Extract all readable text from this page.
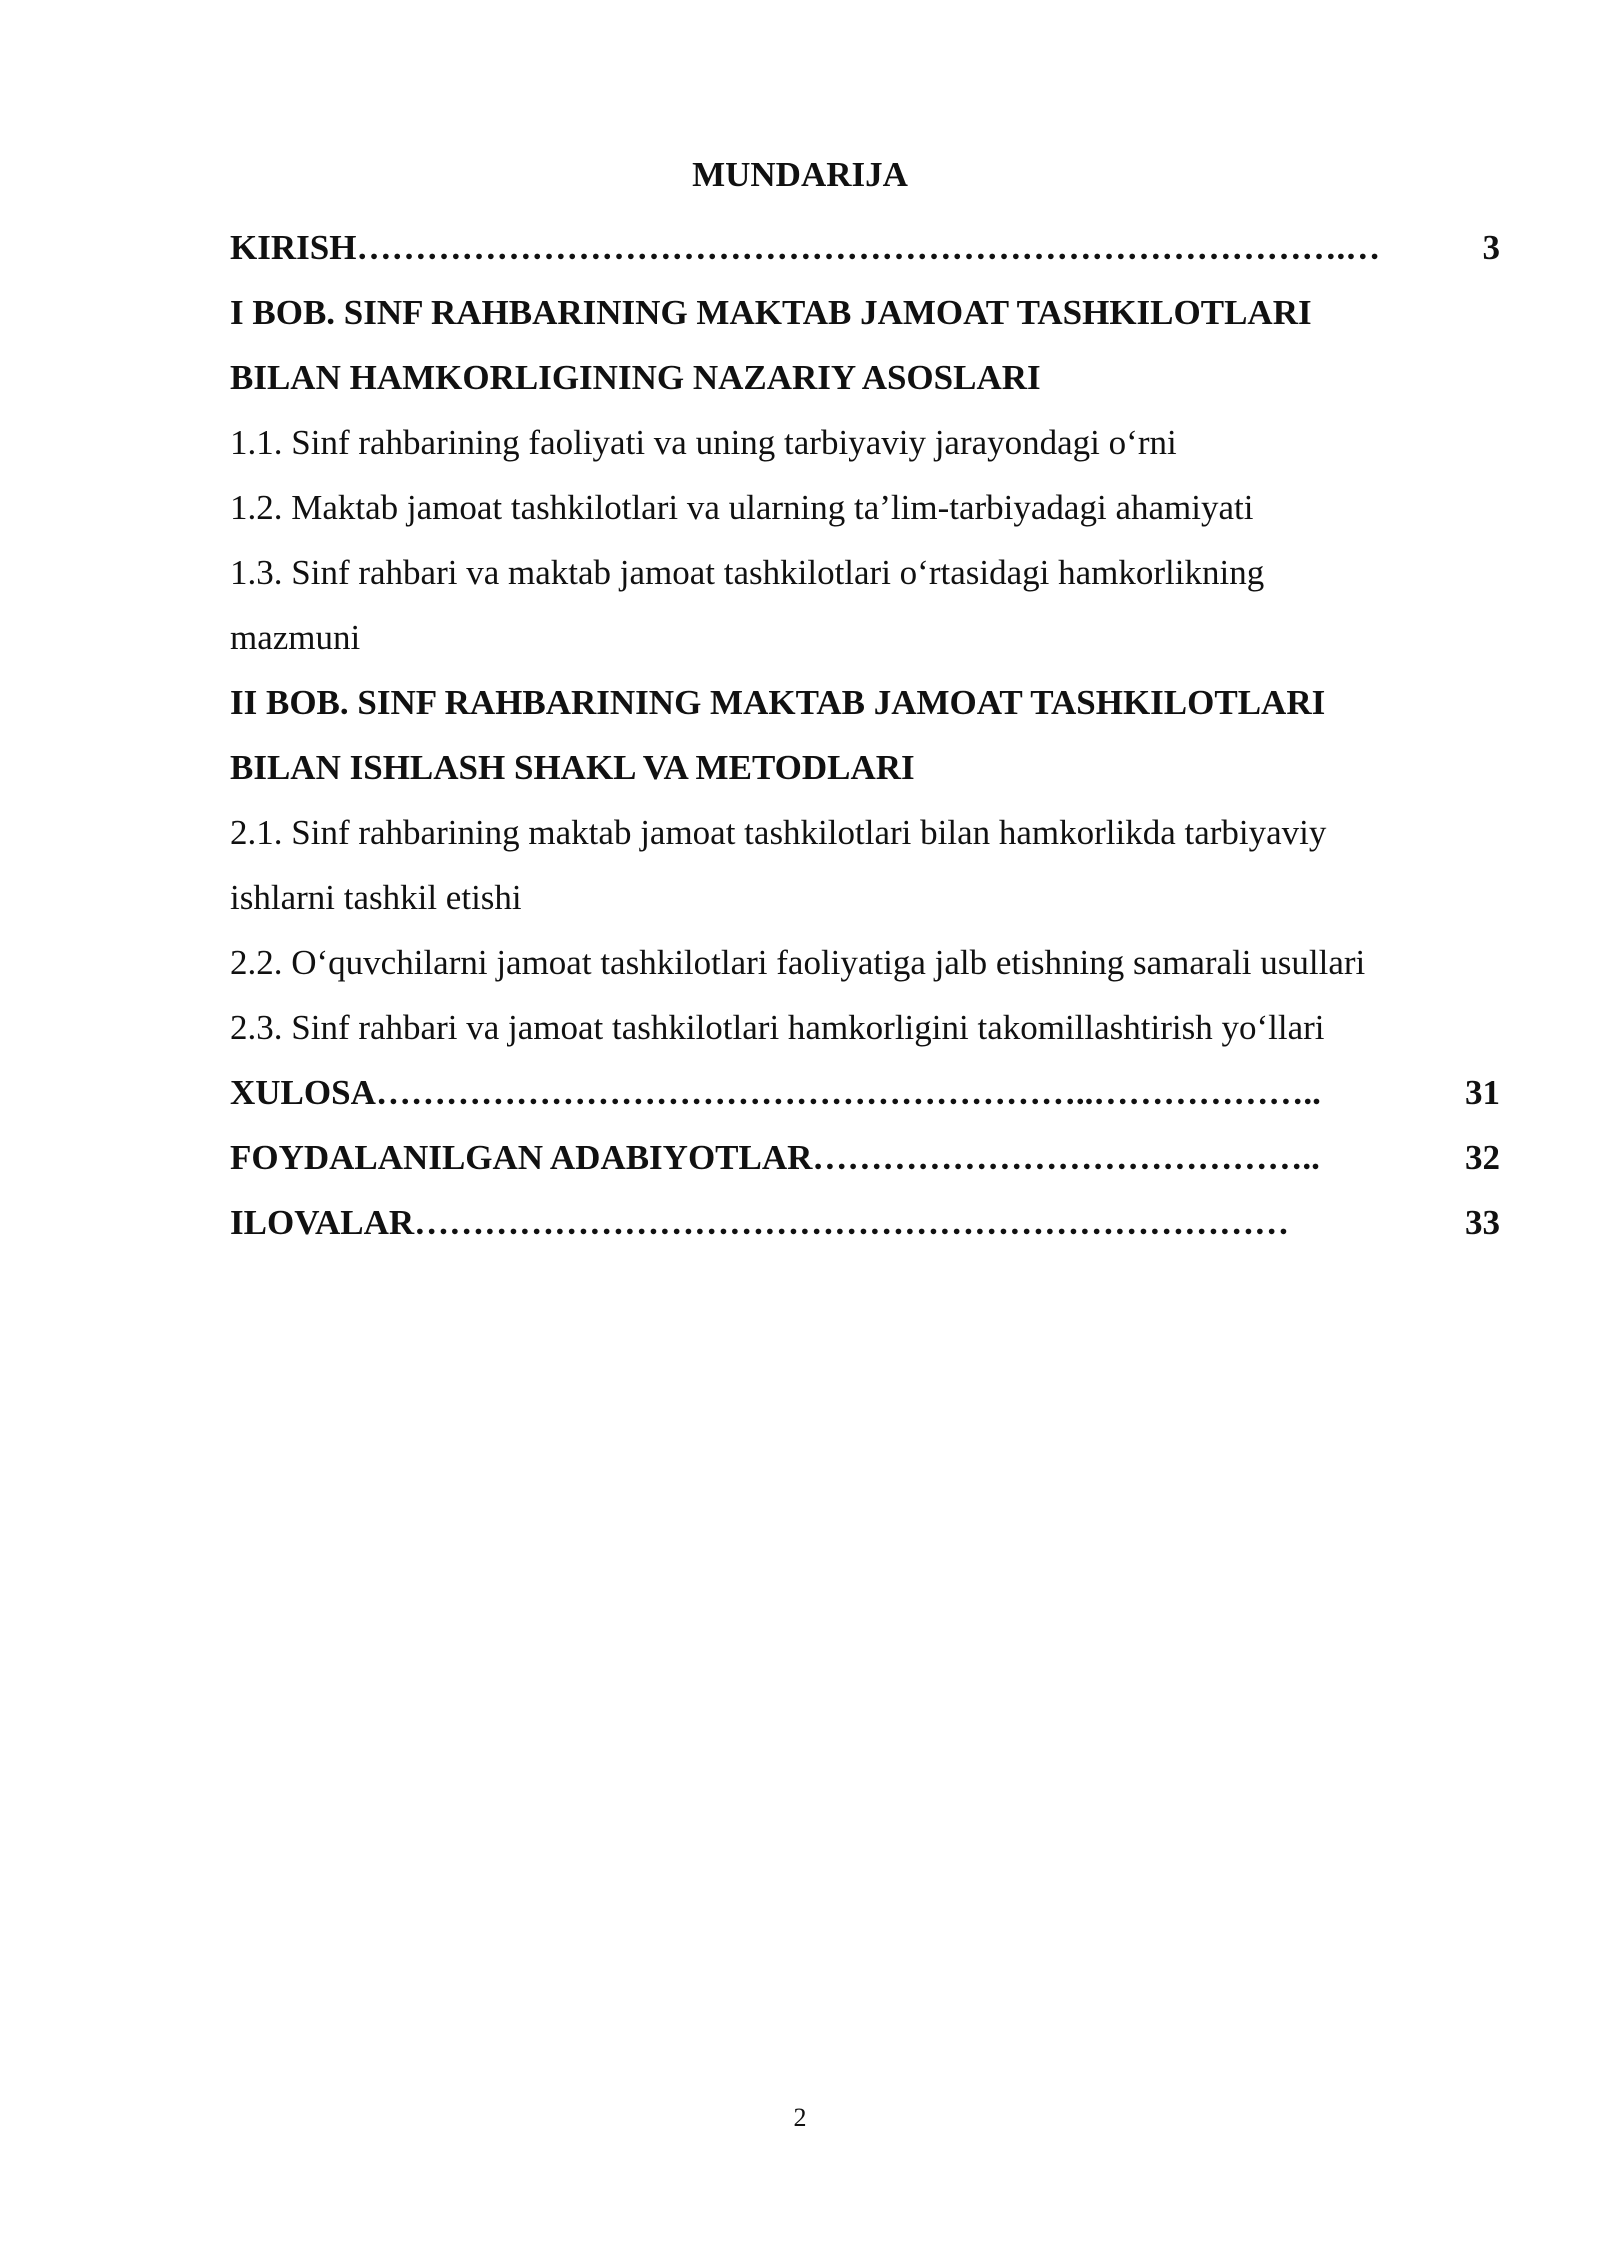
MUNDARIJA
KIRISH ………………………………………………………………………….…	3
I BOB. SINF RAHBARINING MAKTAB JAMOAT TASHKILOTLARI
BILAN HAMKORLIGINING NAZARIY ASOSLARI
1.1. Sinf rahbarining faoliyati va uning tarbiyaviy jarayondagi o‘rni
1.2. Maktab jamoat tashkilotlari va ularning ta’lim-tarbiyadagi ahamiyati
1.3. Sinf rahbari va maktab jamoat tashkilotlari o‘rtasidagi hamkorlikning
mazmuni
II BOB. SINF RAHBARINING MAKTAB JAMOAT TASHKILOTLARI
BILAN ISHLASH SHAKL VA METODLARI
2.1. Sinf rahbarining maktab jamoat tashkilotlari bilan hamkorlikda tarbiyaviy
ishlarni tashkil etishi
2.2. O‘quvchilarni jamoat tashkilotlari faoliyatiga jalb etishning samarali usullari
2.3. Sinf rahbari va jamoat tashkilotlari hamkorligini takomillashtirish yo‘llari
XULOSA ……………………………………………………..………………..	31
FOYDALANILGAN ADABIYOTLAR ……………………………………..	32
ILOVALAR …………………………………………………………………	33
2
